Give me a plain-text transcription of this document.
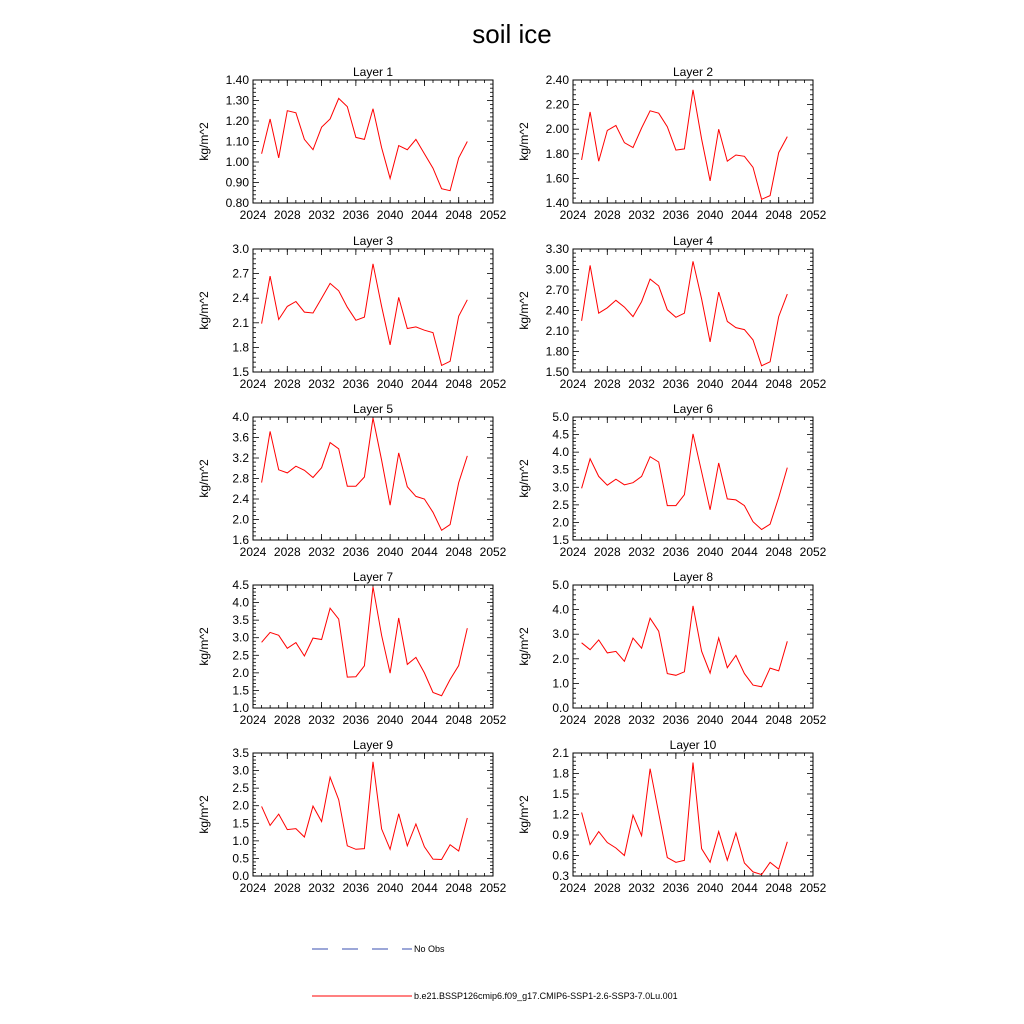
soil ice
Layer 1
kg/m^2
2024 2028 2032 2036 2040 2044 2048 2052
0.80
0.90
1.00
1.10
1.20
1.30
1.40
Layer 2
kg/m^2
2024 2028 2032 2036 2040 2044 2048 2052
1.40
1.60
1.80
2.00
2.20
2.40
Layer 3
kg/m^2
2024 2028 2032 2036 2040 2044 2048 2052
1.5
1.8
2.1
2.4
2.7
3.0
Layer 4
kg/m^2
2024 2028 2032 2036 2040 2044 2048 2052
1.50
1.80
2.10
2.40
2.70
3.00
3.30
Layer 5
kg/m^2
2024 2028 2032 2036 2040 2044 2048 2052
1.6
2.0
2.4
2.8
3.2
3.6
4.0
Layer 6
kg/m^2
2024 2028 2032 2036 2040 2044 2048 2052
1.5
2.0
2.5
3.0
3.5
4.0
4.5
5.0
Layer 7
kg/m^2
2024 2028 2032 2036 2040 2044 2048 2052
1.0
1.5
2.0
2.5
3.0
3.5
4.0
4.5
Layer 8
kg/m^2
2024 2028 2032 2036 2040 2044 2048 2052
0.0
1.0
2.0
3.0
4.0
5.0
Layer 9
kg/m^2
2024 2028 2032 2036 2040 2044 2048 2052
0.0
0.5
1.0
1.5
2.0
2.5
3.0
3.5
Layer 10
kg/m^2
2024 2028 2032 2036 2040 2044 2048 2052
0.3
0.6
0.9
1.2
1.5
1.8
2.1
No Obs
b.e21.BSSP126cmip6.f09_g17.CMIP6-SSP1-2.6-SSP3-7.0Lu.001
